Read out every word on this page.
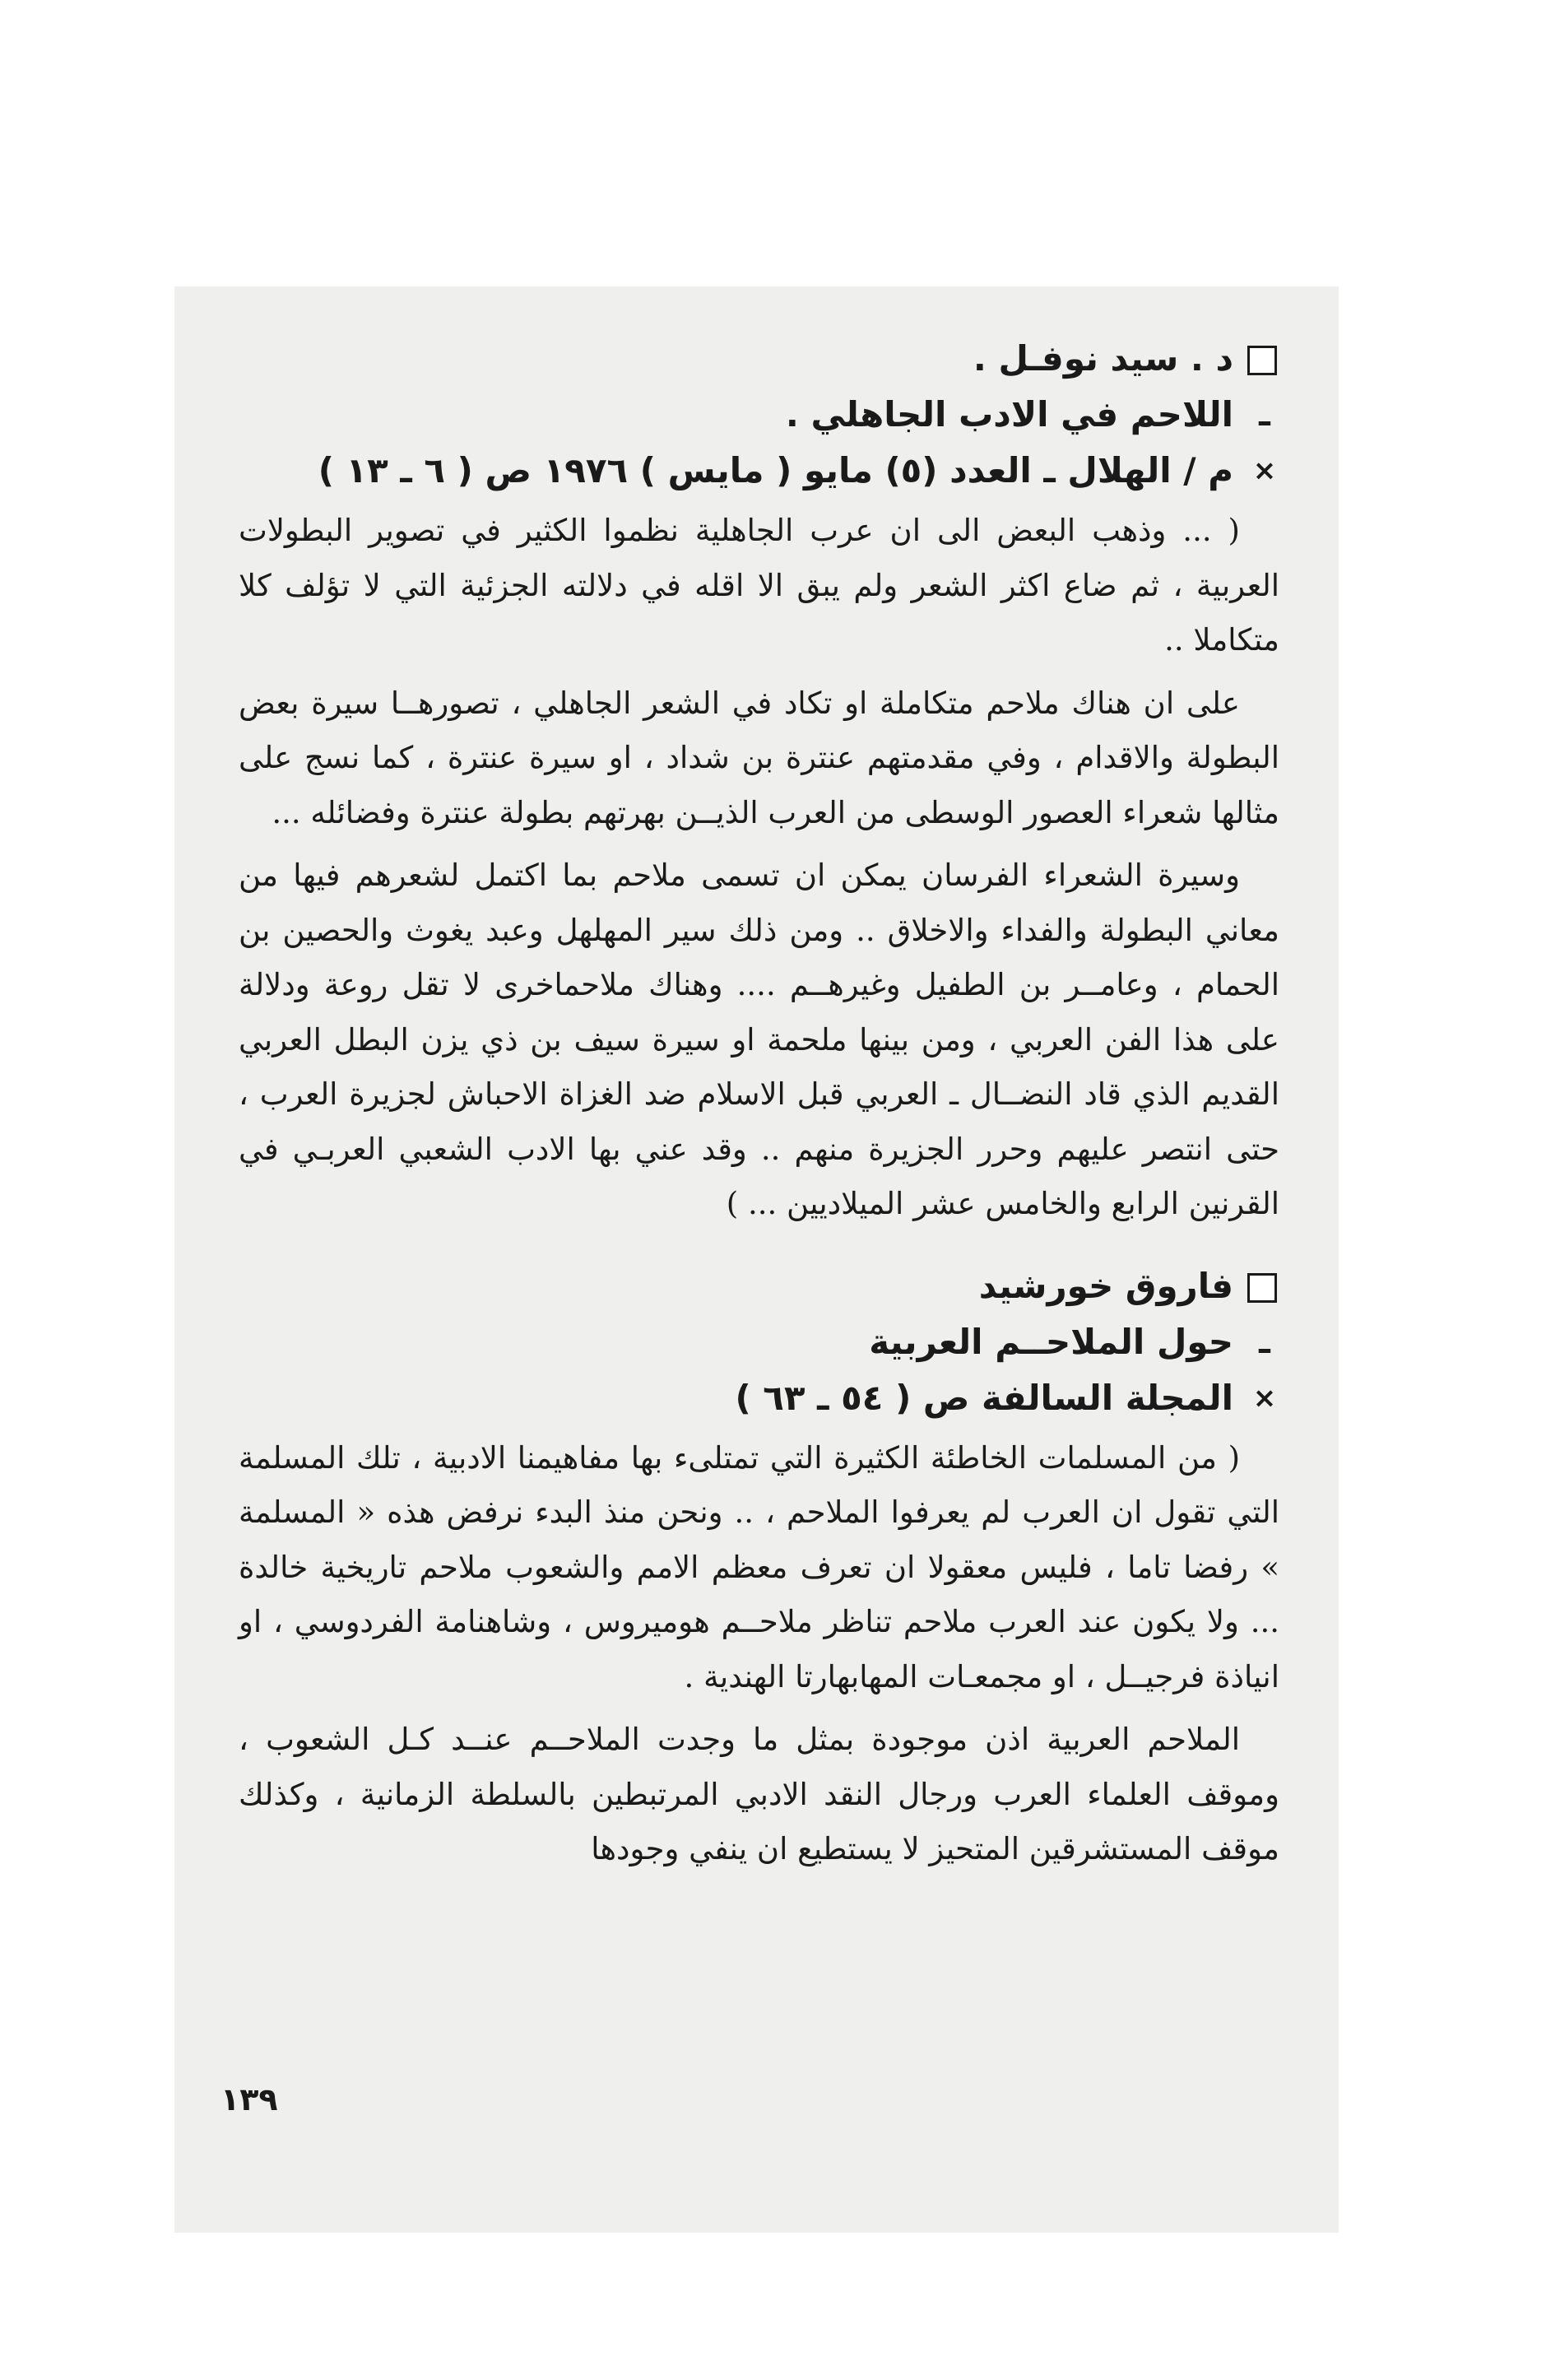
د . سيد نوفـل .
ـ
اللاحم في الادب الجاهلي .
×
م / الهلال ـ العدد (٥) مايو ( مايس ) ١٩٧٦ ص ( ٦ ـ ١٣ )

( ... وذهب البعض الى ان عرب الجاهلية نظموا الكثير في تصوير البطولات العربية ، ثم ضاع اكثر الشعر ولم يبق الا اقله في دلالته الجزئية التي لا تؤلف كلا متكاملا ..

على ان هناك ملاحم متكاملة او تكاد في الشعر الجاهلي ، تصورهــا سيرة بعض البطولة والاقدام ، وفي مقدمتهم عنترة بن شداد ، او سيرة عنترة ، كما نسج على مثالها شعراء العصور الوسطى من العرب الذيــن بهرتهم بطولة عنترة وفضائله ...

وسيرة الشعراء الفرسان يمكن ان تسمى ملاحم بما اكتمل لشعرهم فيها من معاني البطولة والفداء والاخلاق .. ومن ذلك سير المهلهل وعبد يغوث والحصين بن الحمام ، وعامــر بن الطفيل وغيرهــم .... وهناك ملاحماخرى لا تقل روعة ودلالة على هذا الفن العربي ، ومن بينها ملحمة او سيرة سيف بن ذي يزن البطل العربي القديم الذي قاد النضــال ـ العربي قبل الاسلام ضد الغزاة الاحباش لجزيرة العرب ، حتى انتصر عليهم وحرر الجزيرة منهم .. وقد عني بها الادب الشعبي العربـي في القرنين الرابع والخامس عشر الميلاديين ... )

فاروق خورشيد
ـ
حول الملاحــم العربية
×
المجلة السالفة ص ( ٥٤ ـ ٦٣ )

( من المسلمات الخاطئة الكثيرة التي تمتلىء بها مفاهيمنا الادبية ، تلك المسلمة التي تقول ان العرب لم يعرفوا الملاحم ، .. ونحن منذ البدء نرفض هذه « المسلمة » رفضا تاما ، فليس معقولا ان تعرف معظم الامم والشعوب ملاحم تاريخية خالدة ... ولا يكون عند العرب ملاحم تناظر ملاحــم هوميروس ، وشاهنامة الفردوسي ، او انياذة فرجيــل ، او مجمعـات المهابهارتا الهندية .

الملاحم العربية اذن موجودة بمثل ما وجدت الملاحــم عنــد كـل الشعوب ، وموقف العلماء العرب ورجال النقد الادبي المرتبطين بالسلطة الزمانية ، وكذلك موقف المستشرقين المتحيز لا يستطيع ان ينفي وجودها

١٣٩
